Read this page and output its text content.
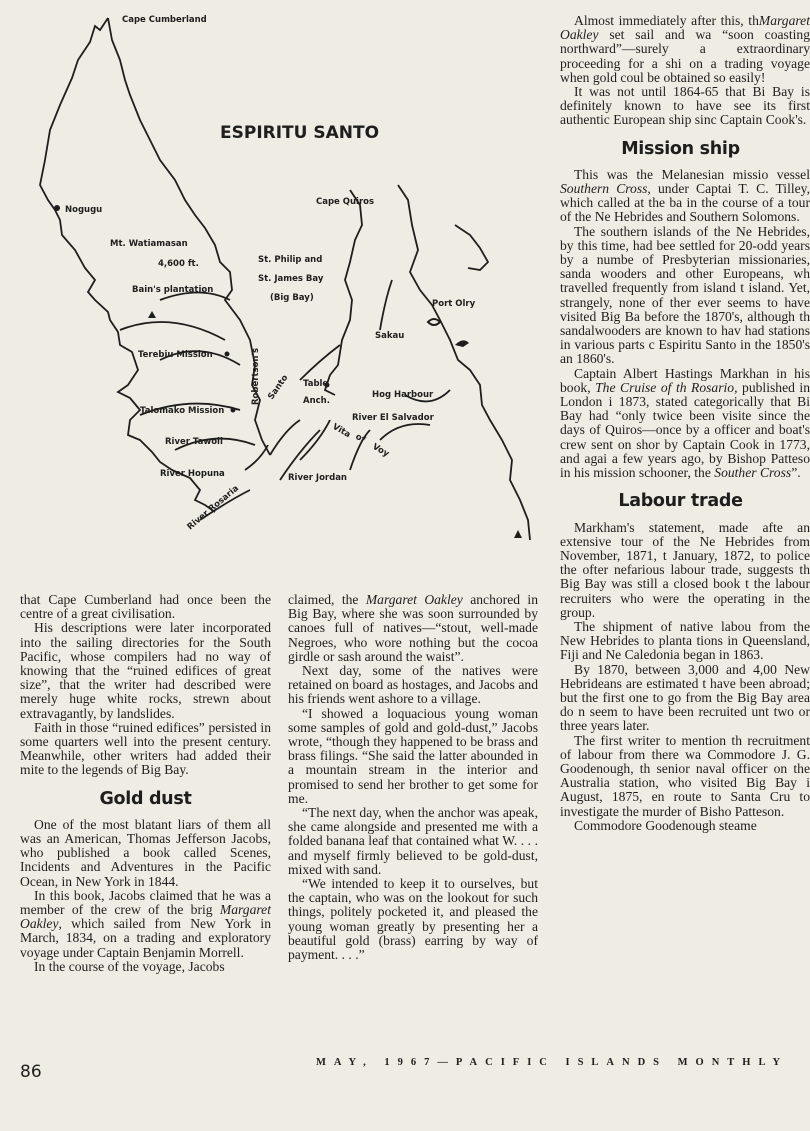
Cape Cumberland
ESPIRITU SANTO
Nogugu
Mt. Watiamasan
4,600 ft.
Bain's plantation
Terebiu Mission
Talomako Mission
River Tawoli
River Hopuna
River Rosaria
Robertson's Santo Table
Anch.
Cape Quiros
St. Philip and
St. James Bay
(Big Bay)
Sakau
Port Olry
Hog Harbour
River El Salvador
River Jordan
Vita of
Voy

that Cape Cumberland had once been the centre of a great civilisation.

His descriptions were later incorporated into the sailing directories for the South Pacific, whose compilers had no way of knowing that the “ruined edifices of great size”, that the writer had described were merely huge white rocks, strewn about extravagantly, by landslides.

Faith in those “ruined edifices” persisted in some quarters well into the present century. Meanwhile, other writers had added their mite to the legends of Big Bay.

Gold dust

One of the most blatant liars of them all was an American, Thomas Jefferson Jacobs, who published a book called Scenes, Incidents and Adventures in the Pacific Ocean, in New York in 1844.

In this book, Jacobs claimed that he was a member of the crew of the brig Margaret Oakley, which sailed from New York in March, 1834, on a trading and exploratory voyage under Captain Benjamin Morrell.

In the course of the voyage, Jacobs

claimed, the Margaret Oakley anchored in Big Bay, where she was soon surrounded by canoes full of natives—“stout, well-made Negroes, who wore nothing but the cocoa girdle or sash around the waist”.

Next day, some of the natives were retained on board as hostages, and Jacobs and his friends went ashore to a village.

“I showed a loquacious young woman some samples of gold and gold-dust,” Jacobs wrote, “though they happened to be brass and brass filings. “She said the latter abounded in a mountain stream in the interior and promised to send her brother to get some for me.

“The next day, when the anchor was apeak, she came alongside and presented me with a folded banana leaf that contained what W. . . . and myself firmly believed to be gold-dust, mixed with sand.

“We intended to keep it to ourselves, but the captain, who was on the lookout for such things, politely pocketed it, and pleased the young woman greatly by presenting her a beautiful gold (brass) earring by way of payment. . . .”

Almost immediately after this, thMargaret Oakley set sail and wa “soon coasting northward”—surely a extraordinary proceeding for a shi on a trading voyage when gold coul be obtained so easily!

It was not until 1864-65 that Bi Bay is definitely known to have see its first authentic European ship sinc Captain Cook's.

Mission ship

This was the Melanesian missio vessel Southern Cross, under Captai T. C. Tilley, which called at the ba in the course of a tour of the Ne Hebrides and Southern Solomons.

The southern islands of the Ne Hebrides, by this time, had bee settled for 20-odd years by a numbe of Presbyterian missionaries, sanda wooders and other Europeans, wh travelled frequently from island t island. Yet, strangely, none of ther ever seems to have visited Big Ba before the 1870's, although th sandalwooders are known to hav had stations in various parts c Espiritu Santo in the 1850's an 1860's.

Captain Albert Hastings Markhan in his book, The Cruise of th Rosario, published in London i 1873, stated categorically that Bi Bay had “only twice been visite since the days of Quiros—once by a officer and boat's crew sent on shor by Captain Cook in 1773, and agai a few years ago, by Bishop Patteso in his mission schooner, the Souther Cross”.

Labour trade

Markham's statement, made afte an extensive tour of the Ne Hebrides from November, 1871, t January, 1872, to police the ofter nefarious labour trade, suggests th Big Bay was still a closed book t the labour recruiters who were the operating in the group.

The shipment of native labou from the New Hebrides to planta tions in Queensland, Fiji and Ne Caledonia began in 1863.

By 1870, between 3,000 and 4,00 New Hebrideans are estimated t have been abroad; but the first one to go from the Big Bay area do n seem to have been recruited unt two or three years later.

The first writer to mention th recruitment of labour from there wa Commodore J. G. Goodenough, th senior naval officer on the Australia station, who visited Big Bay i August, 1875, en route to Santa Cru to investigate the murder of Bisho Patteson.

Commodore Goodenough steame

86	MAY, 1967—PACIFIC ISLANDS MONTHLY
